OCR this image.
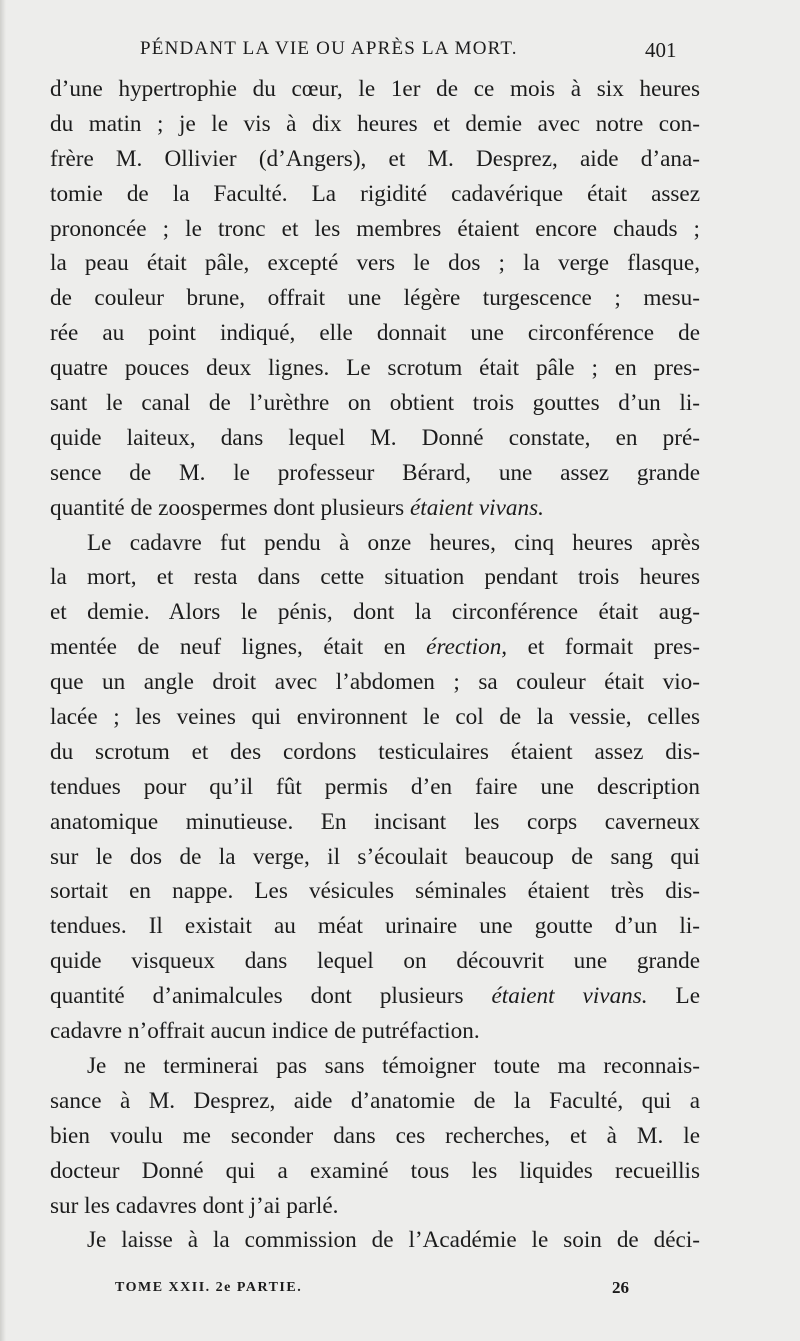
PÉNDANT LA VIE OU APRÈS LA MORT.	401
d’une hypertrophie du cœur, le 1er de ce mois à six heures
du matin ; je le vis à dix heures et demie avec notre con-
frère M. Ollivier (d’Angers), et M. Desprez, aide d’ana-
tomie de la Faculté. La rigidité cadavérique était assez
prononcée ; le tronc et les membres étaient encore chauds ;
la peau était pâle, excepté vers le dos ; la verge flasque,
de couleur brune, offrait une légère turgescence ; mesu-
rée au point indiqué, elle donnait une circonférence de
quatre pouces deux lignes. Le scrotum était pâle ; en pres-
sant le canal de l’urèthre on obtient trois gouttes d’un li-
quide laiteux, dans lequel M. Donné constate, en pré-
sence de M. le professeur Bérard, une assez grande
quantité de zoospermes dont plusieurs étaient vivans.
Le cadavre fut pendu à onze heures, cinq heures après
la mort, et resta dans cette situation pendant trois heures
et demie. Alors le pénis, dont la circonférence était aug-
mentée de neuf lignes, était en érection, et formait pres-
que un angle droit avec l’abdomen ; sa couleur était vio-
lacée ; les veines qui environnent le col de la vessie, celles
du scrotum et des cordons testiculaires étaient assez dis-
tendues pour qu’il fût permis d’en faire une description
anatomique minutieuse. En incisant les corps caverneux
sur le dos de la verge, il s’écoulait beaucoup de sang qui
sortait en nappe. Les vésicules séminales étaient très dis-
tendues. Il existait au méat urinaire une goutte d’un li-
quide visqueux dans lequel on découvrit une grande
quantité d’animalcules dont plusieurs étaient vivans. Le
cadavre n’offrait aucun indice de putréfaction.
Je ne terminerai pas sans témoigner toute ma reconnais-
sance à M. Desprez, aide d’anatomie de la Faculté, qui a
bien voulu me seconder dans ces recherches, et à M. le
docteur Donné qui a examiné tous les liquides recueillis
sur les cadavres dont j’ai parlé.
Je laisse à la commission de l’Académie le soin de déci-
TOME XXII. 2e PARTIE.	26
